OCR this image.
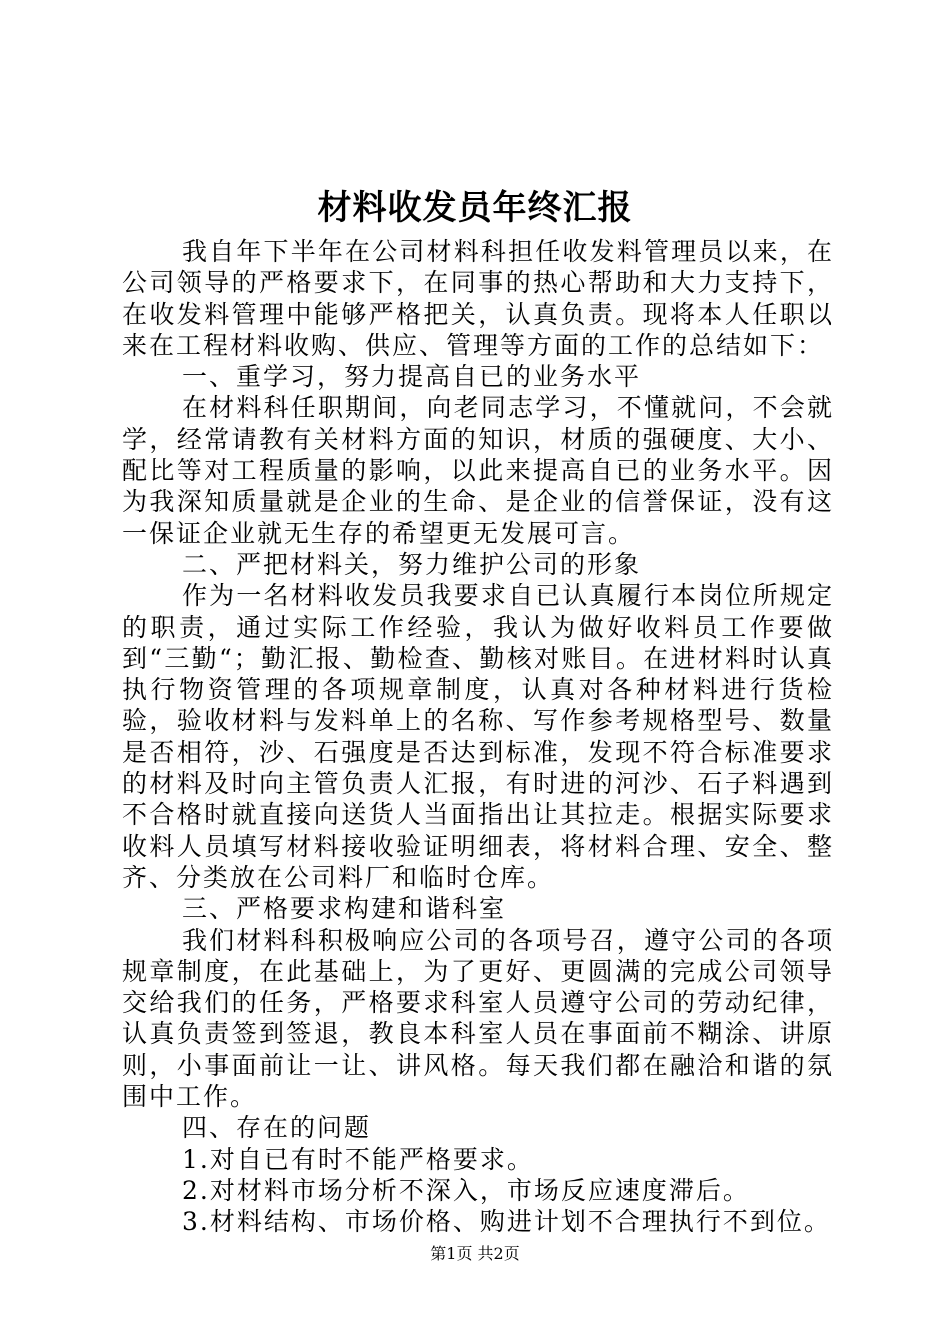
材料收发员年终汇报

我自年下半年在公司材料科担任收发料管理员以来，在公司领导的严格要求下，在同事的热心帮助和大力支持下，在收发料管理中能够严格把关，认真负责。现将本人任职以来在工程材料收购、供应、管理等方面的工作的总结如下：

一、重学习，努力提高自已的业务水平

在材料科任职期间，向老同志学习，不懂就问，不会就学，经常请教有关材料方面的知识，材质的强硬度、大小、配比等对工程质量的影响，以此来提高自已的业务水平。因为我深知质量就是企业的生命、是企业的信誉保证，没有这一保证企业就无生存的希望更无发展可言。

二、严把材料关，努力维护公司的形象

作为一名材料收发员我要求自已认真履行本岗位所规定的职责，通过实际工作经验，我认为做好收料员工作要做到“三勤“；勤汇报、勤检查、勤核对账目。在进材料时认真执行物资管理的各项规章制度，认真对各种材料进行货检验，验收材料与发料单上的名称、写作参考规格型号、数量是否相符，沙、石强度是否达到标准，发现不符合标准要求的材料及时向主管负责人汇报，有时进的河沙、石子料遇到不合格时就直接向送货人当面指出让其拉走。根据实际要求收料人员填写材料接收验证明细表，将材料合理、安全、整齐、分类放在公司料厂和临时仓库。

三、严格要求构建和谐科室

我们材料科积极响应公司的各项号召，遵守公司的各项规章制度，在此基础上，为了更好、更圆满的完成公司领导交给我们的任务，严格要求科室人员遵守公司的劳动纪律，认真负责签到签退，教良本科室人员在事面前不糊涂、讲原则，小事面前让一让、讲风格。每天我们都在融洽和谐的氛围中工作。

四、存在的问题

1.对自已有时不能严格要求。

2.对材料市场分析不深入，市场反应速度滞后。

3.材料结构、市场价格、购进计划不合理执行不到位。

第1页 共2页
